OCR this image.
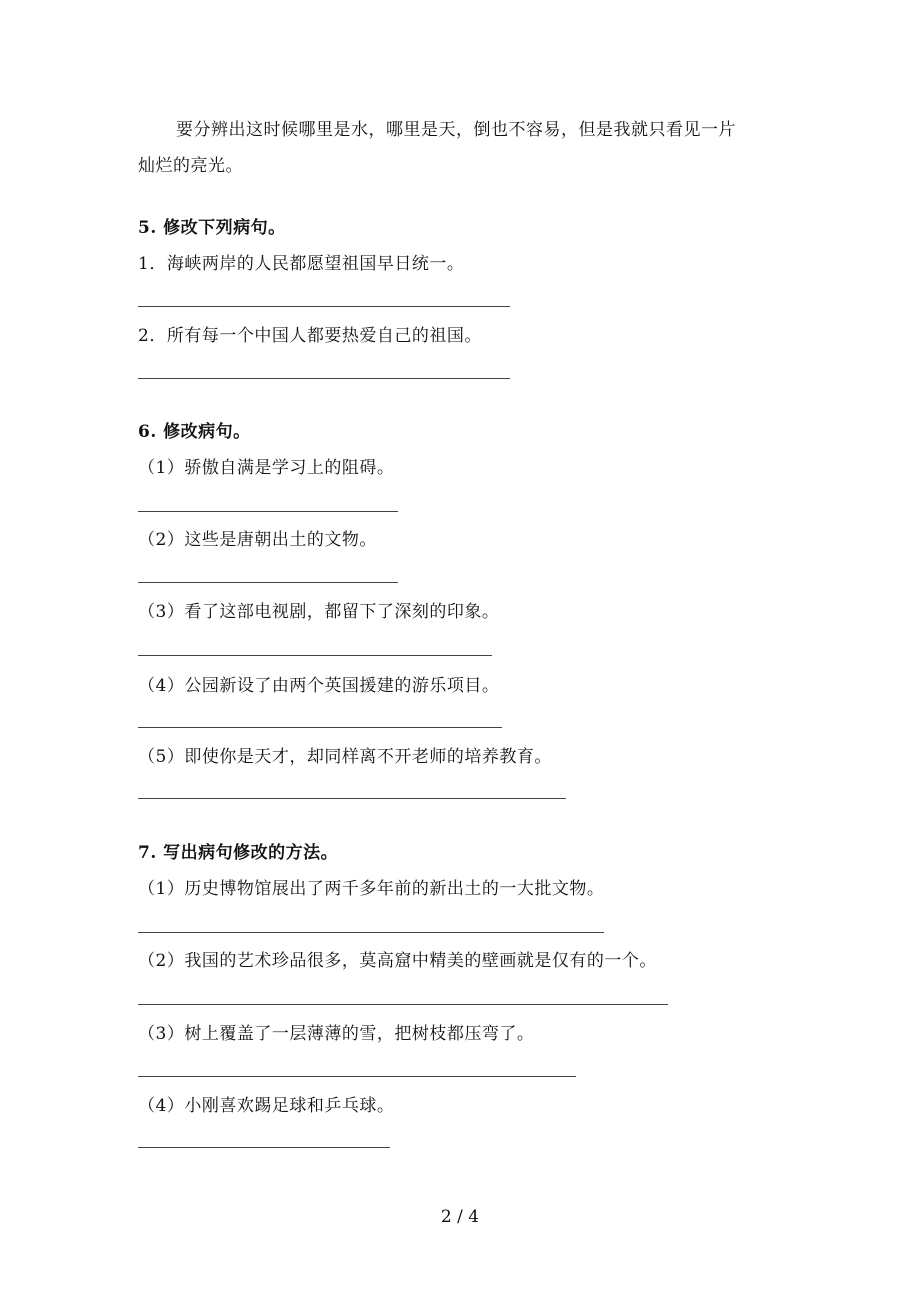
要分辨出这时候哪里是水，哪里是天，倒也不容易，但是我就只看见一片
灿烂的亮光。
5. 修改下列病句。
1．海峡两岸的人民都愿望祖国早日统一。
2．所有每一个中国人都要热爱自己的祖国。
6. 修改病句。
（1）骄傲自满是学习上的阻碍。
（2）这些是唐朝出土的文物。
（3）看了这部电视剧，都留下了深刻的印象。
（4）公园新设了由两个英国援建的游乐项目。
（5）即使你是天才，却同样离不开老师的培养教育。
7. 写出病句修改的方法。
（1）历史博物馆展出了两千多年前的新出土的一大批文物。
（2）我国的艺术珍品很多，莫高窟中精美的壁画就是仅有的一个。
（3）树上覆盖了一层薄薄的雪，把树枝都压弯了。
（4）小刚喜欢踢足球和乒乓球。
2 / 4
